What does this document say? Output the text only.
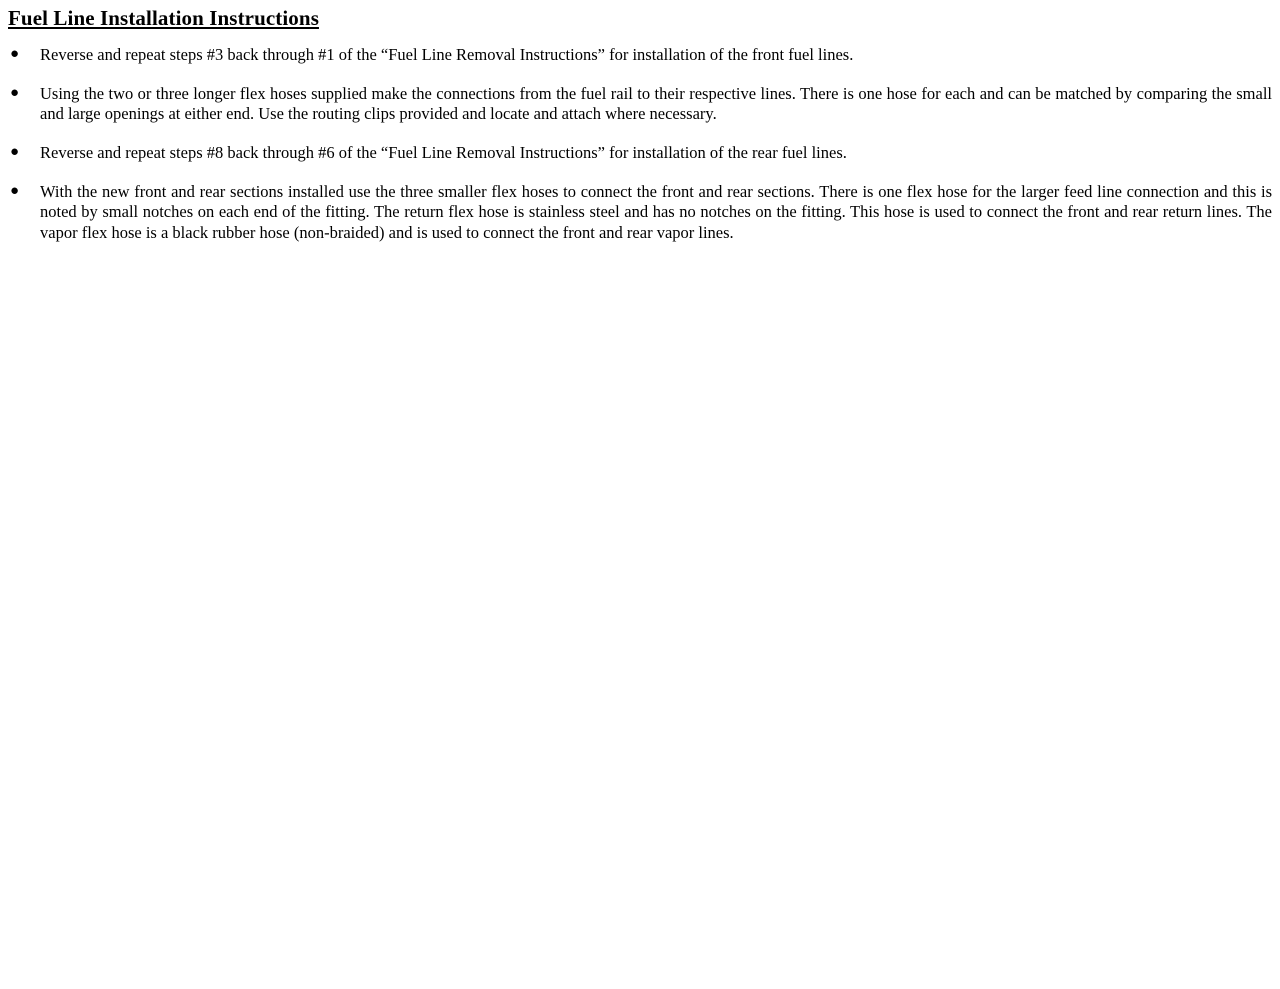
Fuel Line Installation Instructions
● Reverse and repeat steps #3 back through #1 of the “Fuel Line Removal Instructions” for installation of the front fuel lines.
● Using the two or three longer flex hoses supplied make the connections from the fuel rail to their respective lines. There is one hose for each and can be matched by comparing the small and large openings at either end. Use the routing clips provided and locate and attach where necessary.
● Reverse and repeat steps #8 back through #6 of the “Fuel Line Removal Instructions” for installation of the rear fuel lines.
● With the new front and rear sections installed use the three smaller flex hoses to connect the front and rear sections. There is one flex hose for the larger feed line connection and this is noted by small notches on each end of the fitting. The return flex hose is stainless steel and has no notches on the fitting. This hose is used to connect the front and rear return lines. The vapor flex hose is a black rubber hose (non-braided) and is used to connect the front and rear vapor lines.
